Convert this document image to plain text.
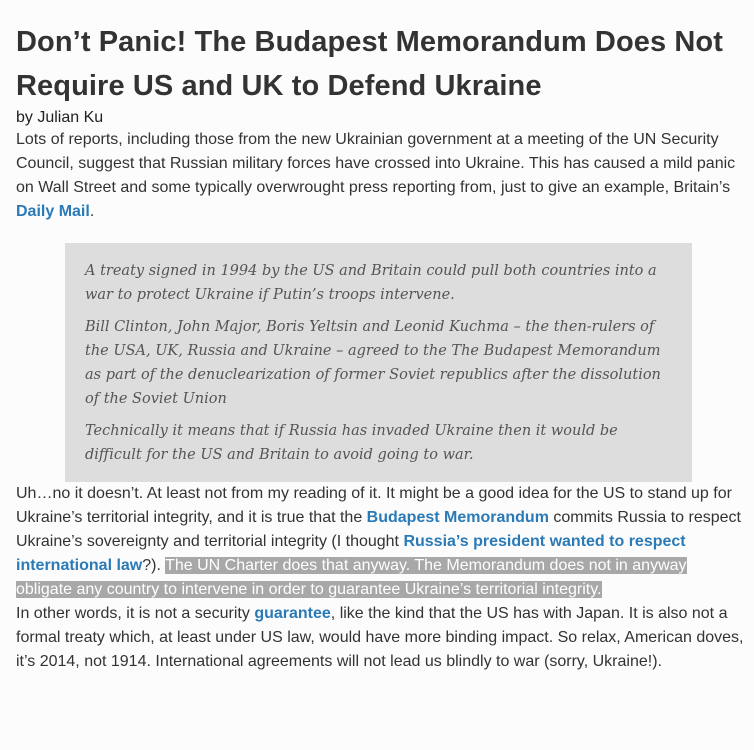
Don’t Panic! The Budapest Memorandum Does Not Require US and UK to Defend Ukraine
by Julian Ku

Lots of reports, including those from the new Ukrainian government at a meeting of the UN Security Council, suggest that Russian military forces have crossed into Ukraine. This has caused a mild panic on Wall Street and some typically overwrought press reporting from, just to give an example, Britain’s Daily Mail.

A treaty signed in 1994 by the US and Britain could pull both countries into a war to protect Ukraine if Putin’s troops intervene.

Bill Clinton, John Major, Boris Yeltsin and Leonid Kuchma – the then-rulers of the USA, UK, Russia and Ukraine – agreed to the The Budapest Memorandum as part of the denuclearization of former Soviet republics after the dissolution of the Soviet Union

Technically it means that if Russia has invaded Ukraine then it would be difficult for the US and Britain to avoid going to war.

Uh…no it doesn’t. At least not from my reading of it. It might be a good idea for the US to stand up for Ukraine’s territorial integrity, and it is true that the Budapest Memorandum commits Russia to respect Ukraine’s sovereignty and territorial integrity (I thought Russia’s president wanted to respect international law?). The UN Charter does that anyway. The Memorandum does not in anyway obligate any country to intervene in order to guarantee Ukraine’s territorial integrity.

In other words, it is not a security guarantee, like the kind that the US has with Japan. It is also not a formal treaty which, at least under US law, would have more binding impact. So relax, American doves, it’s 2014, not 1914. International agreements will not lead us blindly to war (sorry, Ukraine!).
